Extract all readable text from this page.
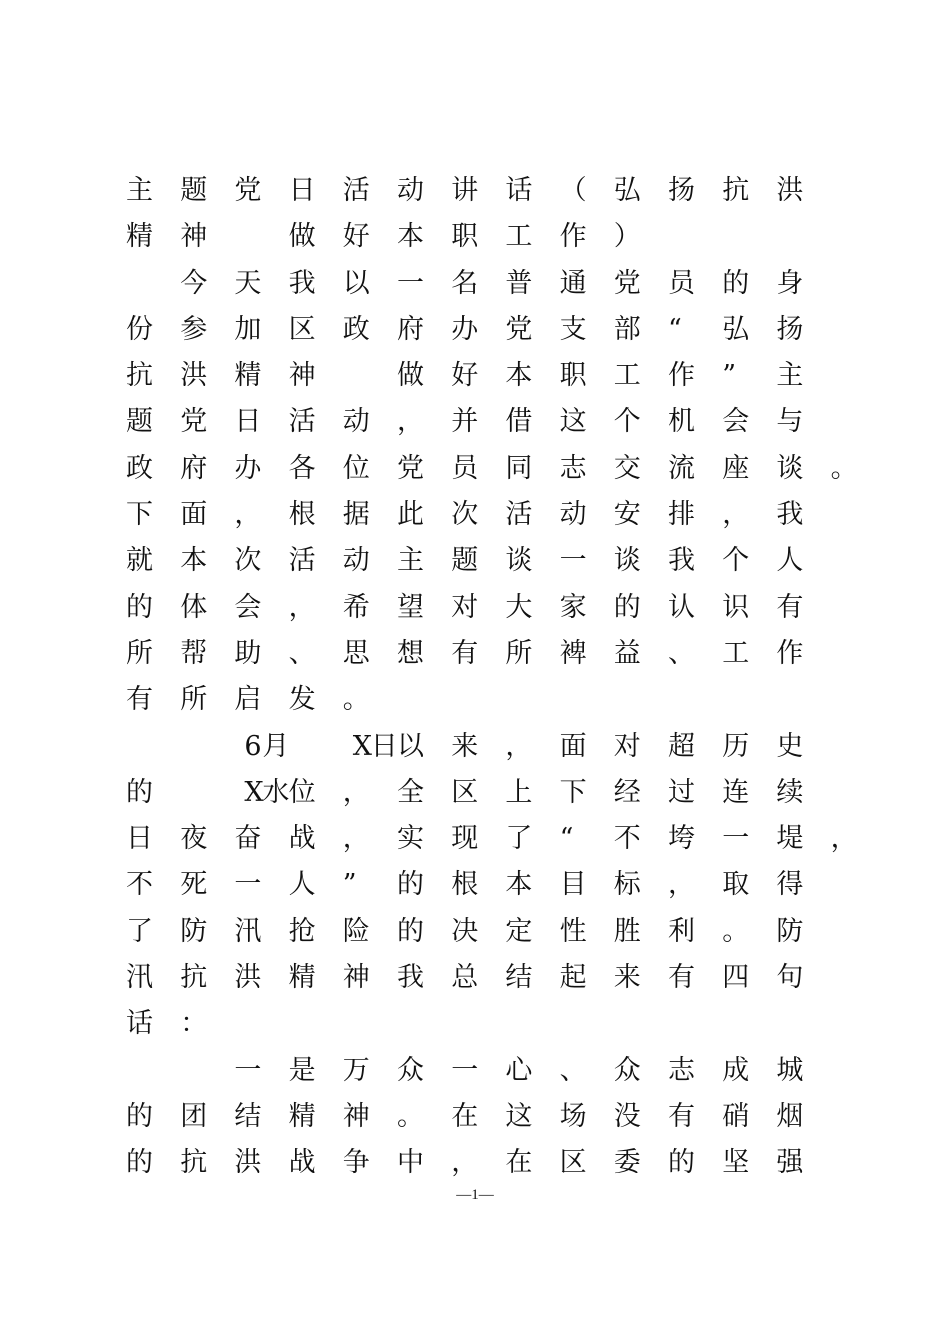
主 题 党 日 活 动 讲 话 （ 弘 扬 抗 洪
精 神	做 好 本 职 工 作 ）
今 天 我 以 一 名 普 通 党 员 的 身
份 参 加 区 政 府 办 党 支 部 “ 弘 扬
抗 洪 精 神	做 好 本 职 工 作 ” 主
题 党 日 活 动 ， 并 借 这 个 机 会 与
政 府 办 各 位 党 员 同 志 交 流 座 谈 。
下 面 ， 根 据 此 次 活 动 安 排 ， 我
就 本 次 活 动 主 题 谈 一 谈 我 个 人
的 体 会 ， 希 望 对 大 家 的 认 识 有
所 帮 助 、 思 想 有 所 裨 益 、 工 作
有 所 启 发 。
6 月 X
日 以 来 ， 面 对 超 历 史
的	X
水 位 ， 全 区 上 下 经 过 连 续
日 夜 奋 战 ， 实 现 了 “ 不 垮 一 堤 ，
不 死 一 人 ” 的 根 本 目 标 ， 取 得
了 防 汛 抢 险 的 决 定 性 胜 利 。 防
汛 抗 洪 精 神 我 总 结 起 来 有 四 句
话 ：
一 是 万 众 一 心 、 众 志 成 城
的 团 结 精 神 。 在 这 场 没 有 硝 烟
的 抗 洪 战 争 中 ， 在 区 委 的 坚 强
—1—
